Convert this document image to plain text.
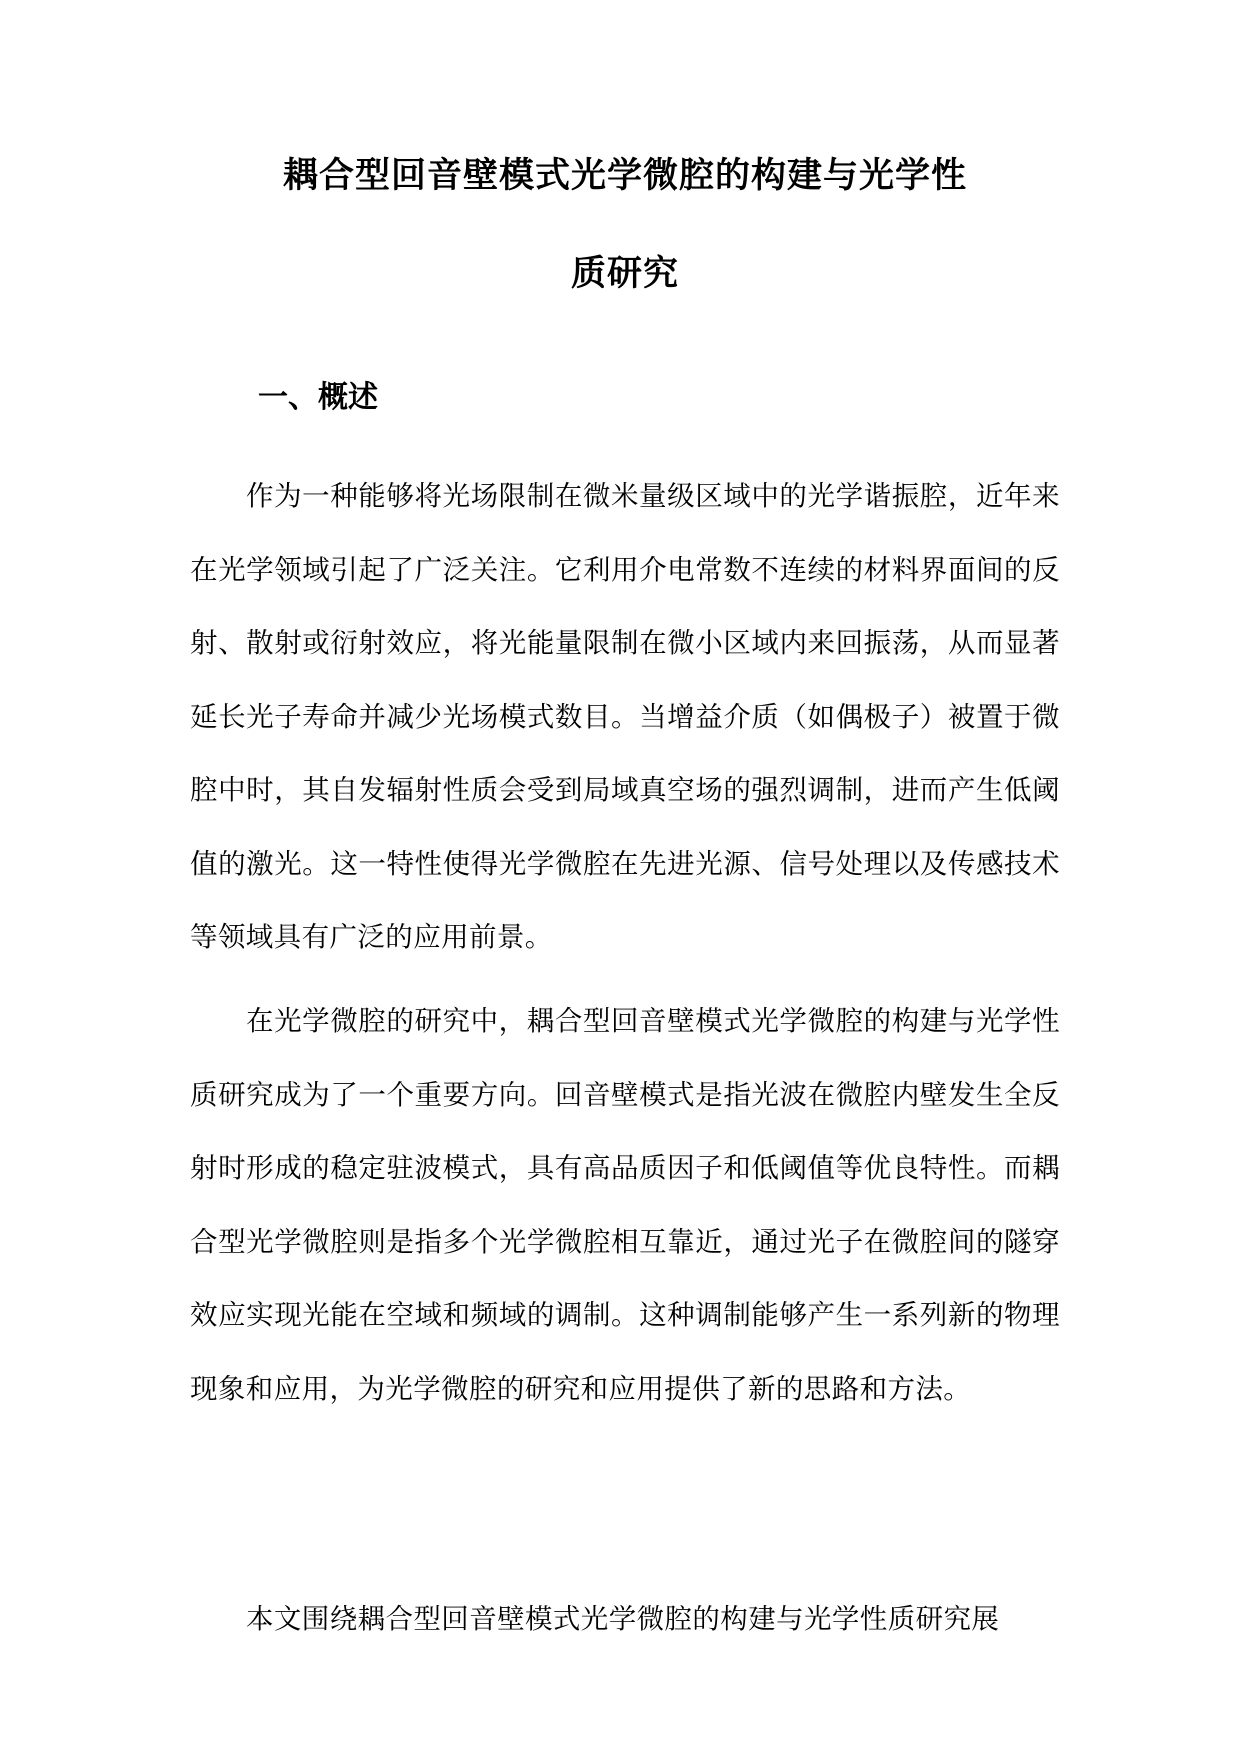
耦合型回音壁模式光学微腔的构建与光学性
质研究
一、概述

作为一种能够将光场限制在微米量级区域中的光学谐振腔，近年来在光学领域引起了广泛关注。它利用介电常数不连续的材料界面间的反射、散射或衍射效应，将光能量限制在微小区域内来回振荡，从而显著延长光子寿命并减少光场模式数目。当增益介质（如偶极子）被置于微腔中时，其自发辐射性质会受到局域真空场的强烈调制，进而产生低阈值的激光。这一特性使得光学微腔在先进光源、信号处理以及传感技术等领域具有广泛的应用前景。

在光学微腔的研究中，耦合型回音壁模式光学微腔的构建与光学性质研究成为了一个重要方向。回音壁模式是指光波在微腔内壁发生全反射时形成的稳定驻波模式，具有高品质因子和低阈值等优良特性。而耦合型光学微腔则是指多个光学微腔相互靠近，通过光子在微腔间的隧穿效应实现光能在空域和频域的调制。这种调制能够产生一系列新的物理现象和应用，为光学微腔的研究和应用提供了新的思路和方法。

本文围绕耦合型回音壁模式光学微腔的构建与光学性质研究展
